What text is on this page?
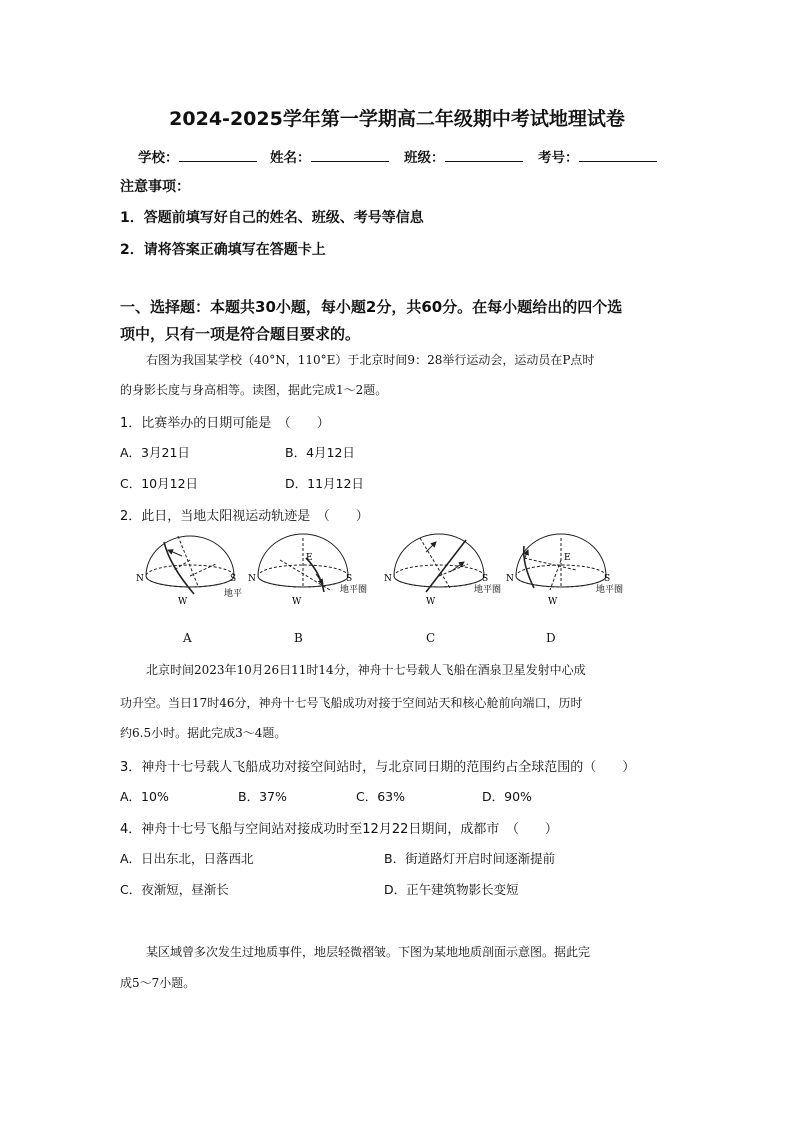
2024-2025学年第一学期高二年级期中考试地理试卷
学校：	姓名：	班级：	考号：
注意事项：
1．答题前填写好自己的姓名、班级、考号等信息
2．请将答案正确填写在答题卡上
一、选择题：本题共30小题，每小题2分，共60分。在每小题给出的四个选
项中，只有一项是符合题目要求的。
右图为我国某学校（40°N，110°E）于北京时间9：28举行运动会，运动员在P点时
的身影长度与身高相等。读图，据此完成1～2题。
1．比赛举办的日期可能是　（　　）
A．3月21日	B．4月12日
C．10月12日	D．11月12日
2．此日，当地太阳视运动轨迹是　（　　）
N	S
W
地平
N	S
E
W
地平圈
N	S
W
地平圈
N	S
E
W
地平圈
A	B	C	D
北京时间2023年10月26日11时14分，神舟十七号载人飞船在酒泉卫星发射中心成
功升空。当日17时46分，神舟十七号飞船成功对接于空间站天和核心舱前向端口，历时
约6.5小时。据此完成3～4题。
3．神舟十七号载人飞船成功对接空间站时，与北京同日期的范围约占全球范围的（　　）
A．10%	B．37%	C．63%	D．90%
4．神舟十七号飞船与空间站对接成功时至12月22日期间，成都市　（　　）
A．日出东北，日落西北	B．街道路灯开启时间逐渐提前
C．夜渐短，昼渐长	D．正午建筑物影长变短
某区域曾多次发生过地质事件，地层轻微褶皱。下图为某地地质剖面示意图。据此完
成5～7小题。
